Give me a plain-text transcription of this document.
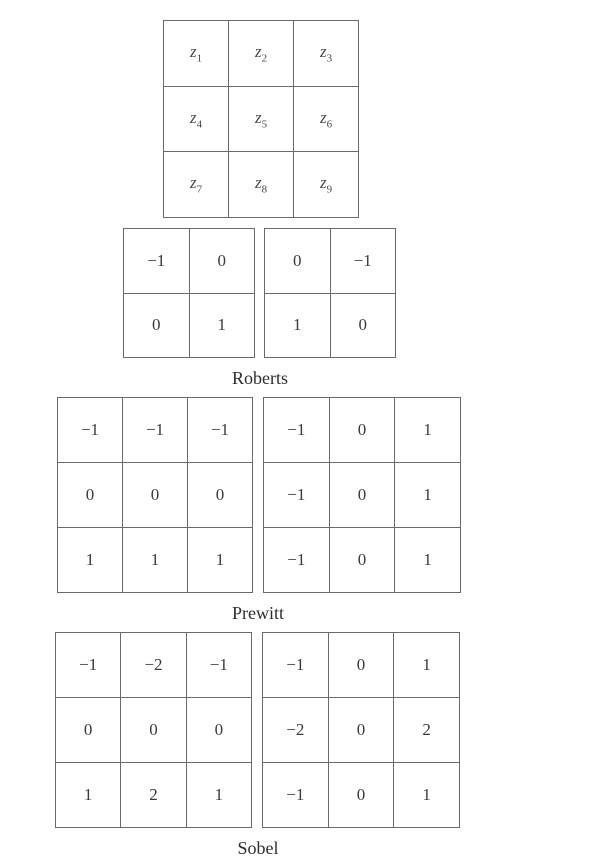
$z_1$	$z_2$	$z_3$
$z_4$	$z_5$	$z_6$
$z_7$	$z_8$	$z_9$
−1	0
0	1
0	−1
1	0
Roberts
−1	−1	−1
0	0	0
1	1	1
−1	0	1
−1	0	1
−1	0	1
Prewitt
−1	−2	−1
0	0	0
1	2	1
−1	0	1
−2	0	2
−1	0	1
Sobel
